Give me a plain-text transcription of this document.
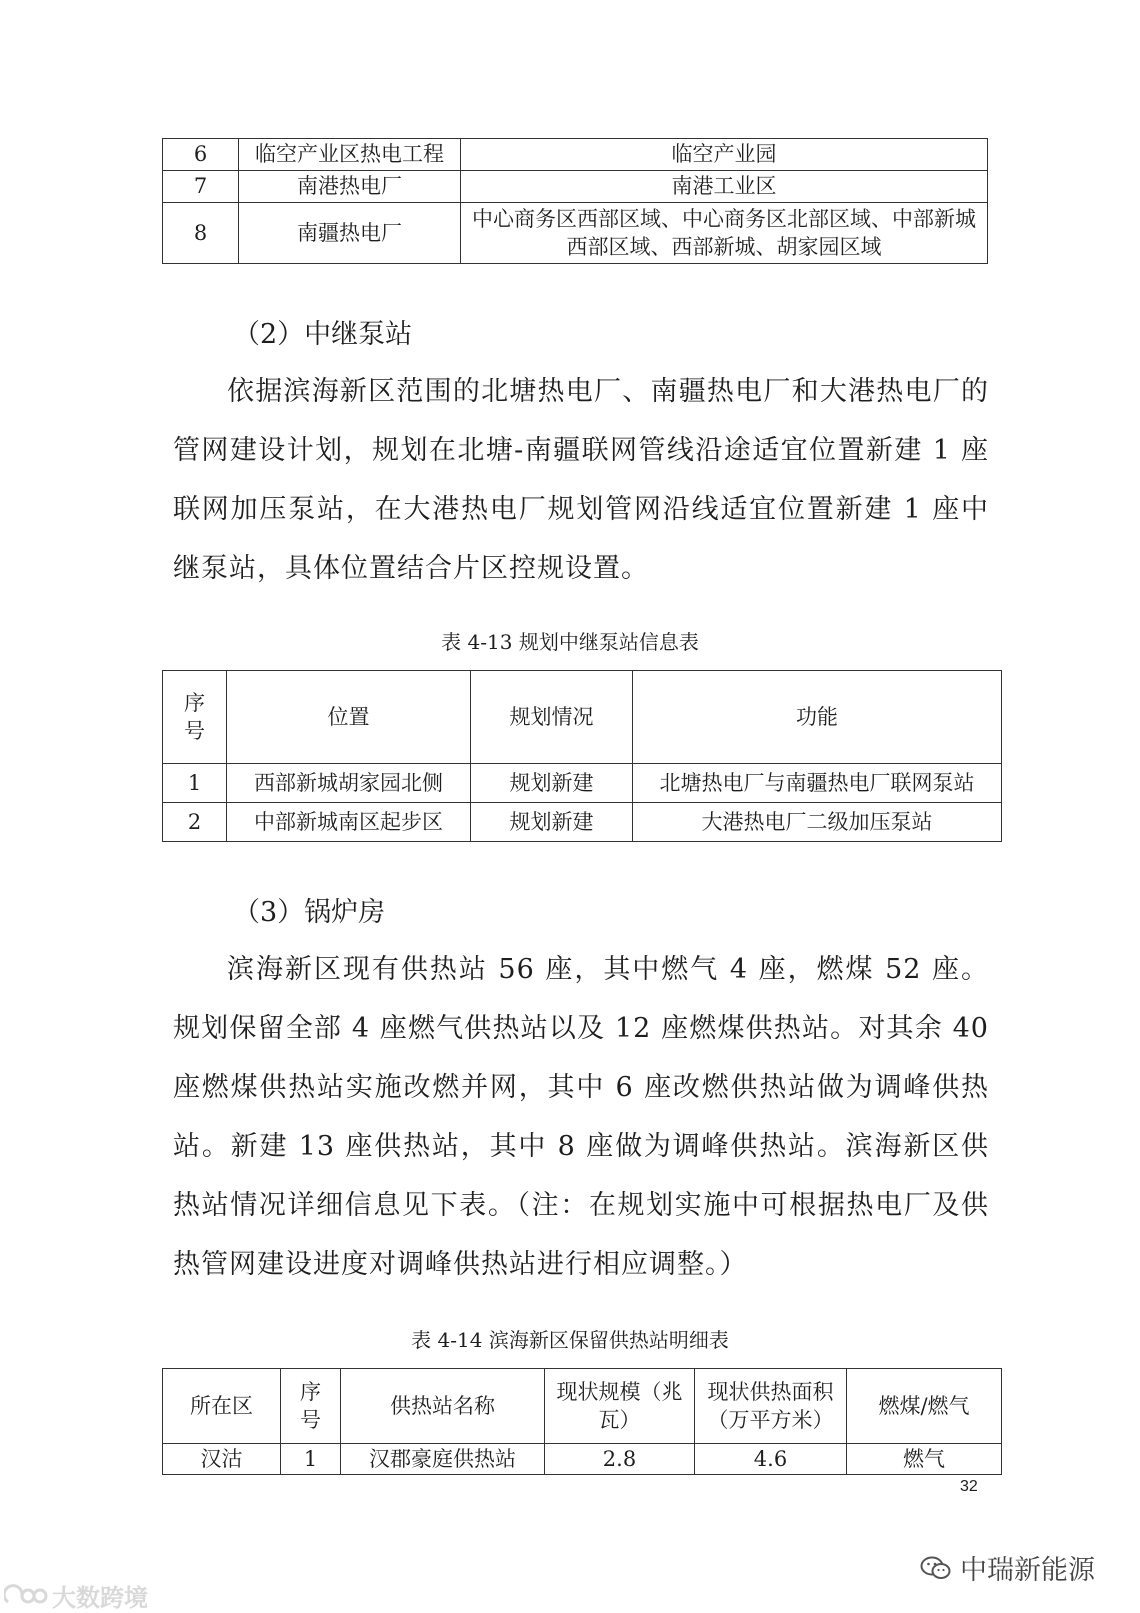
6	临空产业区热电工程	临空产业园
7	南港热电厂	南港工业区
8	南疆热电厂	中心商务区西部区域、中心商务区北部区域、中部新城西部区域、西部新城、胡家园区域

（2）中继泵站

依据滨海新区范围的北塘热电厂、南疆热电厂和大港热电厂的管网建设计划，规划在北塘-南疆联网管线沿途适宜位置新建 1 座联网加压泵站，在大港热电厂规划管网沿线适宜位置新建 1 座中继泵站，具体位置结合片区控规设置。

表 4-13 规划中继泵站信息表

序号	位置	规划情况	功能
1	西部新城胡家园北侧	规划新建	北塘热电厂与南疆热电厂联网泵站
2	中部新城南区起步区	规划新建	大港热电厂二级加压泵站

（3）锅炉房

滨海新区现有供热站 56 座，其中燃气 4 座，燃煤 52 座。规划保留全部 4 座燃气供热站以及 12 座燃煤供热站。对其余 40 座燃煤供热站实施改燃并网，其中 6 座改燃供热站做为调峰供热站。新建 13 座供热站，其中 8 座做为调峰供热站。滨海新区供热站情况详细信息见下表。（注：在规划实施中可根据热电厂及供热管网建设进度对调峰供热站进行相应调整。）

表 4-14 滨海新区保留供热站明细表

所在区	序号	供热站名称	现状规模（兆瓦）	现状供热面积（万平方米）	燃煤/燃气
汉沽	1	汉郡豪庭供热站	2.8	4.6	燃气
32
中瑞新能源
大数跨境
